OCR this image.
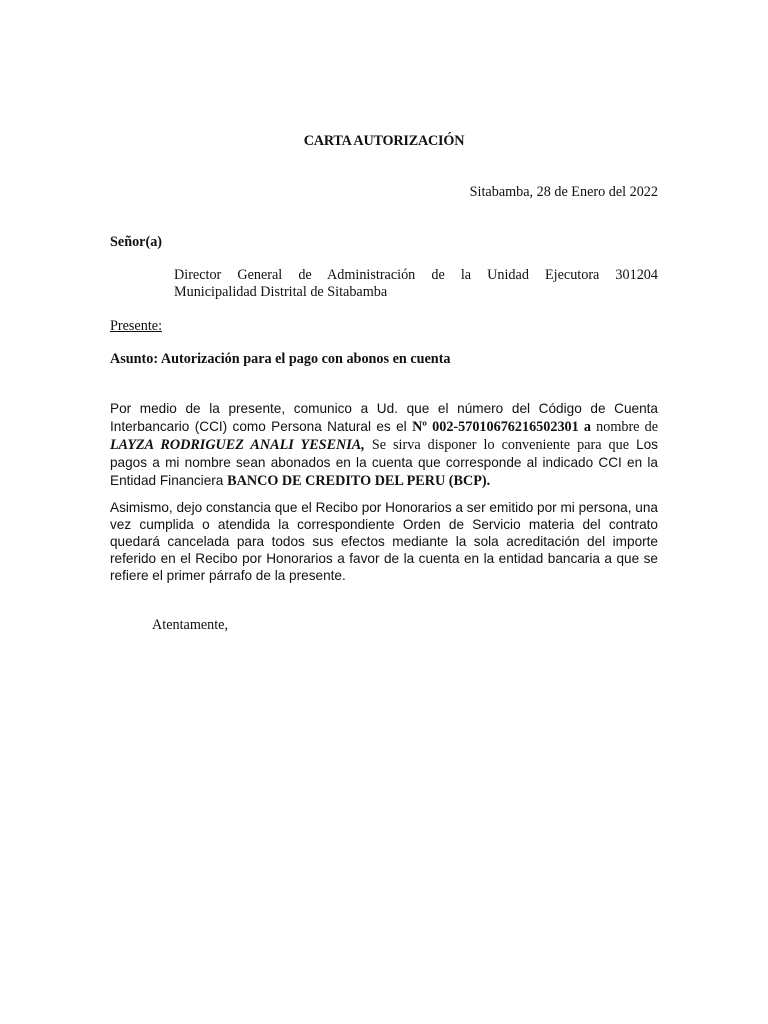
CARTA AUTORIZACIÓN
Sitabamba, 28 de Enero del 2022
Señor(a)
Director General de Administración de la Unidad Ejecutora 301204
Municipalidad Distrital de Sitabamba
Presente:
Asunto: Autorización para el pago con abonos en cuenta
Por medio de la presente, comunico a Ud. que el número del Código de Cuenta Interbancario (CCI) como Persona Natural es el Nº 002-57010676216502301 a nombre de LAYZA RODRIGUEZ ANALI YESENIA, Se sirva disponer lo conveniente para que Los pagos a mi nombre sean abonados en la cuenta que corresponde al indicado CCI en la Entidad Financiera BANCO DE CREDITO DEL PERU (BCP).
Asimismo, dejo constancia que el Recibo por Honorarios a ser emitido por mi persona, una vez cumplida o atendida la correspondiente Orden de Servicio materia del contrato quedará cancelada para todos sus efectos mediante la sola acreditación del importe referido en el Recibo por Honorarios a favor de la cuenta en la entidad bancaria a que se refiere el primer párrafo de la presente.
Atentamente,
